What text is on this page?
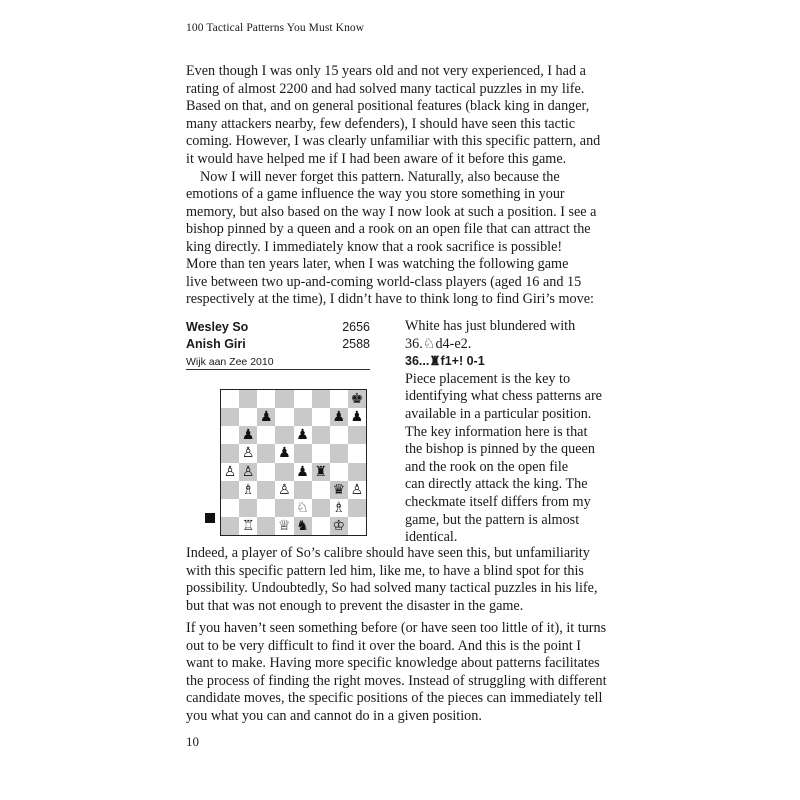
100 Tactical Patterns You Must Know
Even though I was only 15 years old and not very experienced, I had a
rating of almost 2200 and had solved many tactical puzzles in my life.
Based on that, and on general positional features (black king in danger,
many attackers nearby, few defenders), I should have seen this tactic
coming. However, I was clearly unfamiliar with this specific pattern, and
it would have helped me if I had been aware of it before this game.
Now I will never forget this pattern. Naturally, also because the
emotions of a game influence the way you store something in your
memory, but also based on the way I now look at such a position. I see a
bishop pinned by a queen and a rook on an open file that can attract the
king directly. I immediately know that a rook sacrifice is possible!
More than ten years later, when I was watching the following game
live between two up-and-coming world-class players (aged 16 and 15
respectively at the time), I didn’t have to think long to find Giri’s move:
Wesley So	2656
Anish Giri	2588
Wijk aan Zee 2010
♚
♟	♟ ♟
♟	♟
♙ ♟
♙ ♙	♟ ♜
♗ ♙	♛ ♙
♘ ♗
♖ ♕ ♞ ♔
White has just blundered with
36.♘d4-e2.
36...♜f1+! 0-1
Piece placement is the key to
identifying what chess patterns are
available in a particular position.
The key information here is that
the bishop is pinned by the queen
and the rook on the open file
can directly attack the king. The
checkmate itself differs from my
game, but the pattern is almost
identical.
Indeed, a player of So’s calibre should have seen this, but unfamiliarity
with this specific pattern led him, like me, to have a blind spot for this
possibility. Undoubtedly, So had solved many tactical puzzles in his life,
but that was not enough to prevent the disaster in the game.
If you haven’t seen something before (or have seen too little of it), it turns
out to be very difficult to find it over the board. And this is the point I
want to make. Having more specific knowledge about patterns facilitates
the process of finding the right moves. Instead of struggling with different
candidate moves, the specific positions of the pieces can immediately tell
you what you can and cannot do in a given position.
10
